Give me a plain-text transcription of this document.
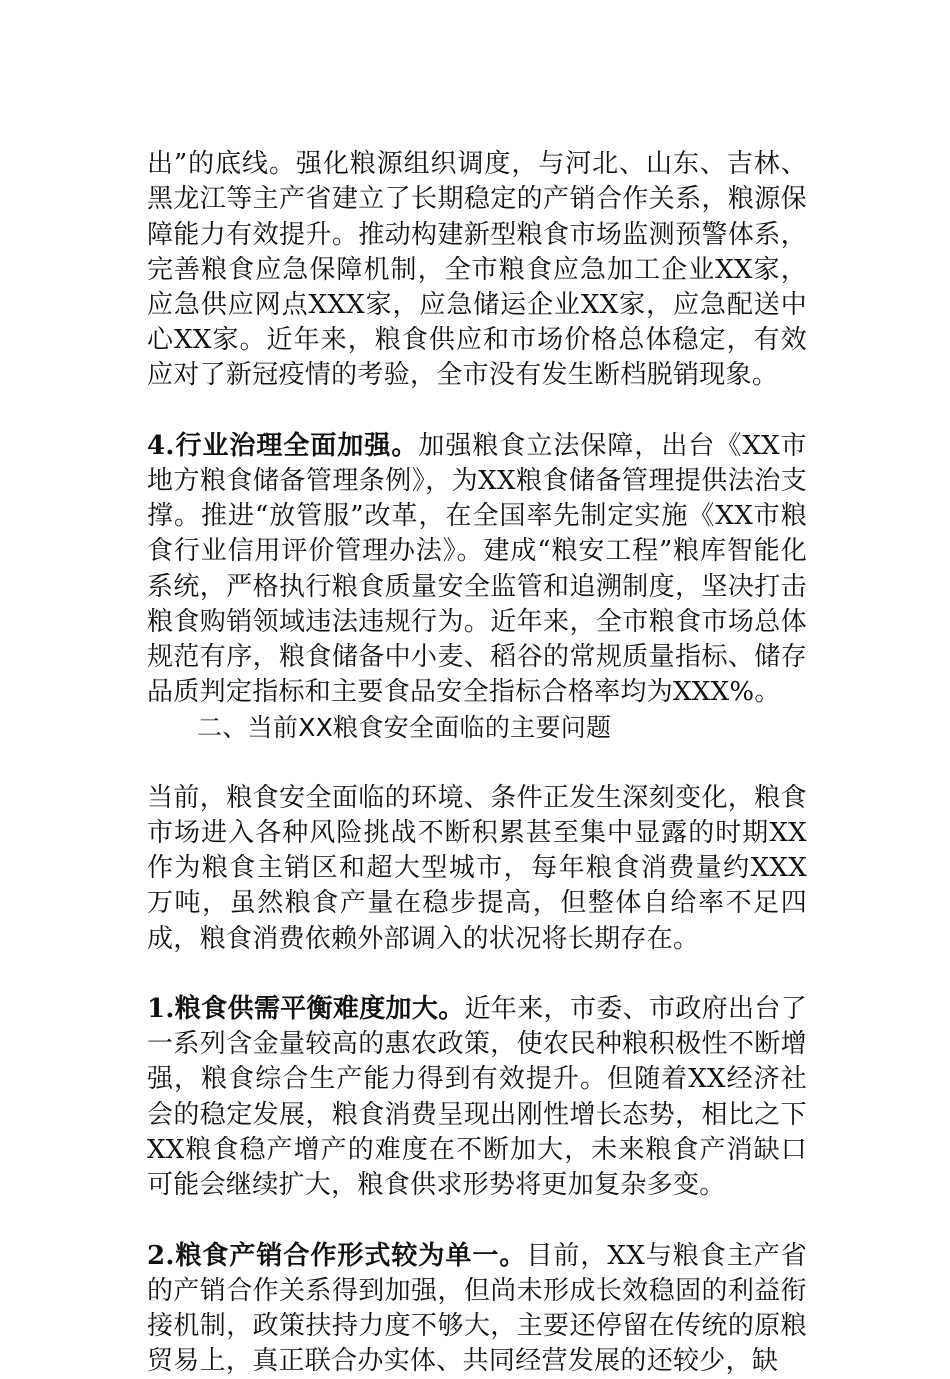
出”的底线。强化粮源组织调度，与河北、山东、吉林、黑龙江等主产省建立了长期稳定的产销合作关系，粮源保障能力有效提升。推动构建新型粮食市场监测预警体系，完善粮食应急保障机制，全市粮食应急加工企业XX家，应急供应网点XXX家，应急储运企业XX家，应急配送中心XX家。近年来，粮食供应和市场价格总体稳定，有效应对了新冠疫情的考验，全市没有发生断档脱销现象。

4.行业治理全面加强。加强粮食立法保障，出台《XX市地方粮食储备管理条例》，为XX粮食储备管理提供法治支撑。推进“放管服”改革，在全国率先制定实施《XX市粮食行业信用评价管理办法》。建成“粮安工程”粮库智能化系统，严格执行粮食质量安全监管和追溯制度，坚决打击粮食购销领域违法违规行为。近年来，全市粮食市场总体规范有序，粮食储备中小麦、稻谷的常规质量指标、储存品质判定指标和主要食品安全指标合格率均为XXX%。

二、当前XX粮食安全面临的主要问题

当前，粮食安全面临的环境、条件正发生深刻变化，粮食市场进入各种风险挑战不断积累甚至集中显露的时期XX作为粮食主销区和超大型城市，每年粮食消费量约XXX万吨，虽然粮食产量在稳步提高，但整体自给率不足四成，粮食消费依赖外部调入的状况将长期存在。

1.粮食供需平衡难度加大。近年来，市委、市政府出台了一系列含金量较高的惠农政策，使农民种粮积极性不断增强，粮食综合生产能力得到有效提升。但随着XX经济社会的稳定发展，粮食消费呈现出刚性增长态势，相比之下XX粮食稳产增产的难度在不断加大，未来粮食产消缺口可能会继续扩大，粮食供求形势将更加复杂多变。

2.粮食产销合作形式较为单一。目前，XX与粮食主产省的产销合作关系得到加强，但尚未形成长效稳固的利益衔接机制，政策扶持力度不够大，主要还停留在传统的原粮贸易上，真正联合办实体、共同经营发展的还较少，缺
